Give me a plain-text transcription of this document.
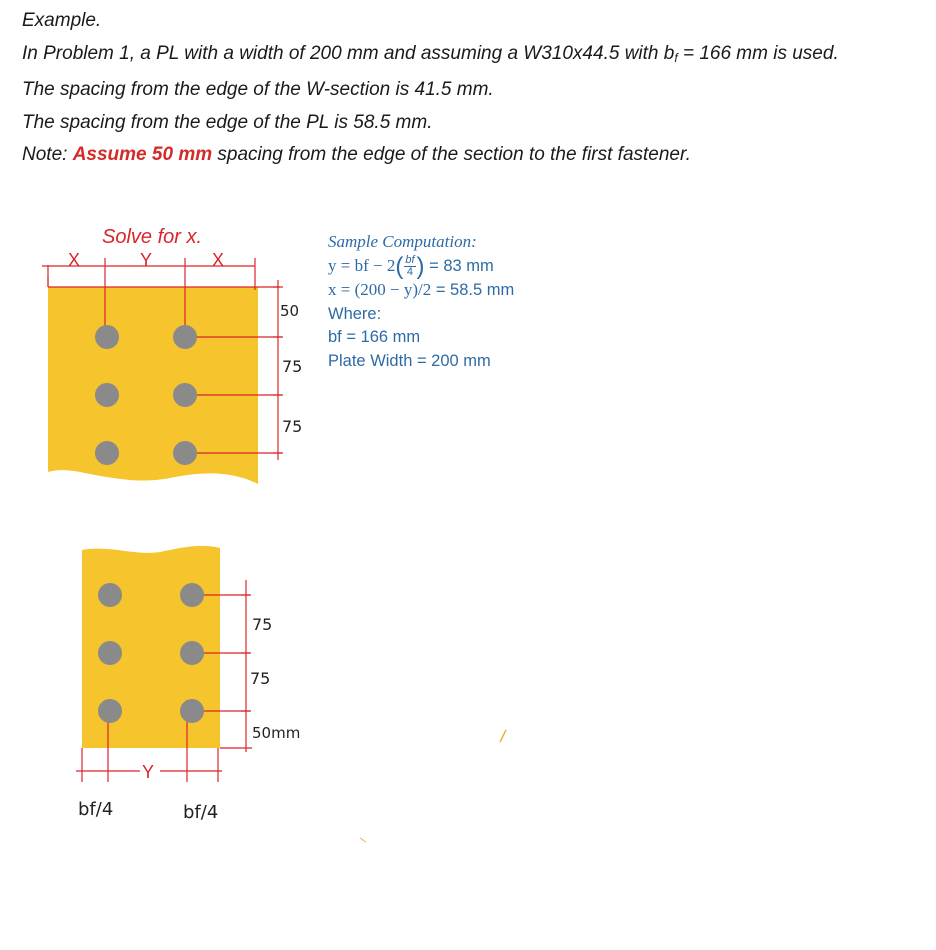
Example.

In Problem 1, a PL with a width of 200 mm and assuming a W310x44.5 with $b_f = 166$ mm is used.

The spacing from the edge of the W-section is 41.5 mm.

The spacing from the edge of the PL is 58.5 mm.

Note: Assume 50 mm spacing from the edge of the section to the first fastener.

Sample Computation:
y = bf − $2( \frac{bf}{4}$ ) = 83 mm
x = (200 − y)/2 = 58.5 mm
Where:
bf = 166 mm
Plate Width = 200 mm
Solve for x.
X	Y	X
50
75
75
75
75
50mm
Y
bf/4	bf/4
